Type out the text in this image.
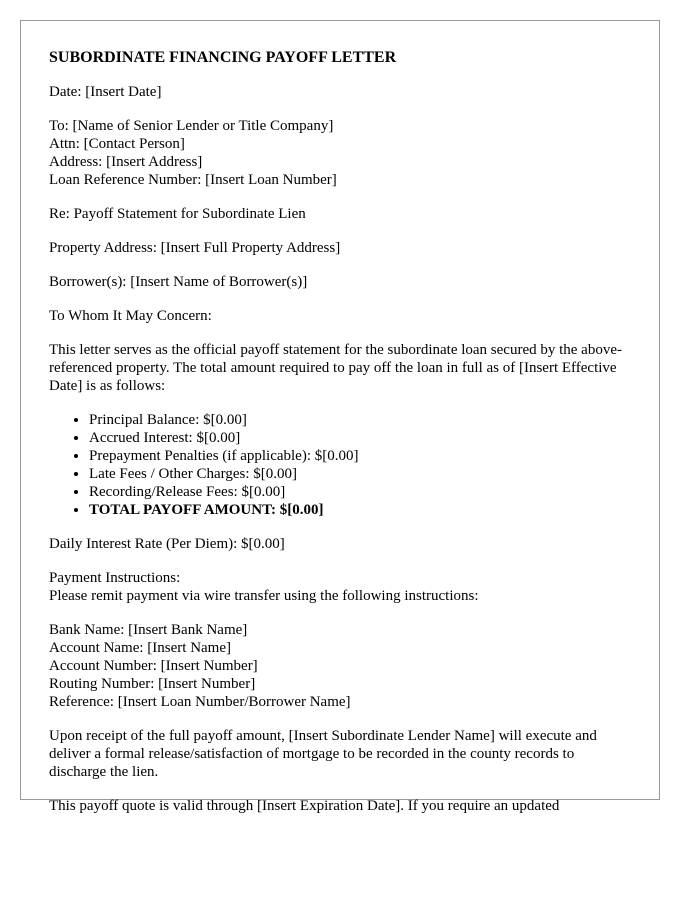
SUBORDINATE FINANCING PAYOFF LETTER

Date: [Insert Date]

To: [Name of Senior Lender or Title Company]
Attn: [Contact Person]
Address: [Insert Address]
Loan Reference Number: [Insert Loan Number]

Re: Payoff Statement for Subordinate Lien

Property Address: [Insert Full Property Address]

Borrower(s): [Insert Name of Borrower(s)]

To Whom It May Concern:

This letter serves as the official payoff statement for the subordinate loan secured by the above-referenced property. The total amount required to pay off the loan in full as of [Insert Effective Date] is as follows:

• Principal Balance: $[0.00]
• Accrued Interest: $[0.00]
• Prepayment Penalties (if applicable): $[0.00]
• Late Fees / Other Charges: $[0.00]
• Recording/Release Fees: $[0.00]
• TOTAL PAYOFF AMOUNT: $[0.00]

Daily Interest Rate (Per Diem): $[0.00]

Payment Instructions:
Please remit payment via wire transfer using the following instructions:
Bank Name: [Insert Bank Name]
Account Name: [Insert Name]
Account Number: [Insert Number]
Routing Number: [Insert Number]
Reference: [Insert Loan Number/Borrower Name]

Upon receipt of the full payoff amount, [Insert Subordinate Lender Name] will execute and deliver a formal release/satisfaction of mortgage to be recorded in the county records to discharge the lien.

This payoff quote is valid through [Insert Expiration Date]. If you require an updated
